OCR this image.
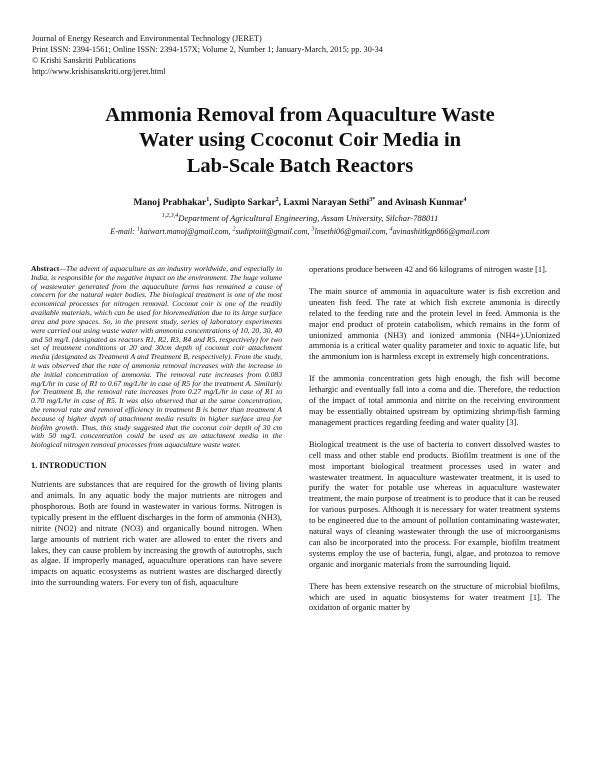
Journal of Energy Research and Environmental Technology (JERET)
Print ISSN: 2394-1561; Online ISSN: 2394-157X; Volume 2, Number 1; January-March, 2015; pp. 30-34
© Krishi Sanskriti Publications
http://www.krishisanskriti.org/jeret.html
Ammonia Removal from Aquaculture Waste
Water using Ccoconut Coir Media in
Lab-Scale Batch Reactors
Manoj Prabhakar$^1$, Sudipto Sarkar$^2$, Laxmi Narayan Sethi$^{3*}$ and Avinash Kunmar$^4$
$^{1,2,3,4}$Department of Agricultural Engineering, Assam University, Silchar-788011
E-mail: $^1$kaiwart.manoj@gmail.com, $^2$sudiptoiit@gmail.com, $^3$lnsethi06@gmail.com, $^4$avinashiitkgp866@gmail.com

Abstract—The advent of aquaculture as an industry worldwide, and especially in India, is responsible for the negative impact on the environment. The huge volume of wastewater generated from the aquaculture farms has remained a cause of concern for the natural water bodies. The biological treatment is one of the most economical processes for nitrogen removal. Coconut coir is one of the readily available materials, which can be used for bioremediation due to its large surface area and pore spaces. So, in the present study, series of laboratory experiments were carried out using waste water with ammonia concentrations of 10, 20, 30, 40 and 50 mg/L (designated as reactors R1, R2, R3, R4 and R5, respectively) for two set of treatment conditions at 20 and 30cm depth of coconut coir attachment media (designated as Treatment A and Treatment B, respectively). From the study, it was observed that the rate of ammonia removal increases with the increase in the initial concentration of ammonia. The removal rate increases from 0.083 mg/L/hr in case of R1 to 0.67 mg/L/hr in case of R5 for the treatment A. Similarly for Treatment B, the removal rate increases from 0.27 mg/L/hr in case of R1 to 0.70 mg/L/hr in case of R5. It was also observed that at the same concentration, the removal rate and removal efficiency in treatment B is better than treatment A because of higher depth of attachment media results in higher surface area for biofilm growth. Thus, this study suggested that the coconut coir depth of 30 cm with 50 mg/L concentration could be used as an attachment media in the biological nitrogen removal processes from aquaculture waste water.

1. INTRODUCTION

Nutrients are substances that are required for the growth of living plants and animals. In any aquatic body the major nutrients are nitrogen and phosphorous. Both are found in wastewater in various forms. Nitrogen is typically present in the effluent discharges in the form of ammonia (NH3), nitrite (NO2) and nitrate (NO3) and organically bound nitrogen. When large amounts of nutrient rich water are allowed to enter the rivers and lakes, they can cause problem by increasing the growth of autotrophs, such as algae. If improperly managed, aquaculture operations can have severe impacts on aquatic ecosystems as nutrient wastes are discharged directly into the surrounding waters. For every ton of fish, aquaculture

operations produce between 42 and 66 kilograms of nitrogen waste [1].

The main source of ammonia in aquaculture water is fish excretion and uneaten fish feed. The rate at which fish excrete ammonia is directly related to the feeding rate and the protein level in feed. Ammonia is the major end product of protein catabolism, which remains in the form of unionized ammonia (NH3) and ionized ammonia (NH4+).Unionized ammonia is a critical water quality parameter and toxic to aquatic life, but the ammonium ion is harmless except in extremely high concentrations.

If the ammonia concentration gets high enough, the fish will become lethargic and eventually fall into a coma and die. Therefore, the reduction of the impact of total ammonia and nitrite on the receiving environment may be essentially obtained upstream by optimizing shrimp/fish farming management practices regarding feeding and water quality [3].

Biological treatment is the use of bacteria to convert dissolved wastes to cell mass and other stable end products. Biofilm treatment is one of the most important biological treatment processes used in water and wastewater treatment. In aquaculture wastewater treatment, it is used to purify the water for potable use whereas in aquaculture wastewater treatment, the main purpose of treatment is to produce that it can be reused for various purposes. Although it is necessary for water treatment systems to be engineered due to the amount of pollution contaminating wastewater, natural ways of cleaning wastewater through the use of microorganisms can also be incorporated into the process. For example, biofilm treatment systems employ the use of bacteria, fungi, algae, and protozoa to remove organic and inorganic materials from the surrounding liquid.

There has been extensive research on the structure of microbial biofilms, which are used in aquatic biosystems for water treatment [1]. The oxidation of organic matter by
